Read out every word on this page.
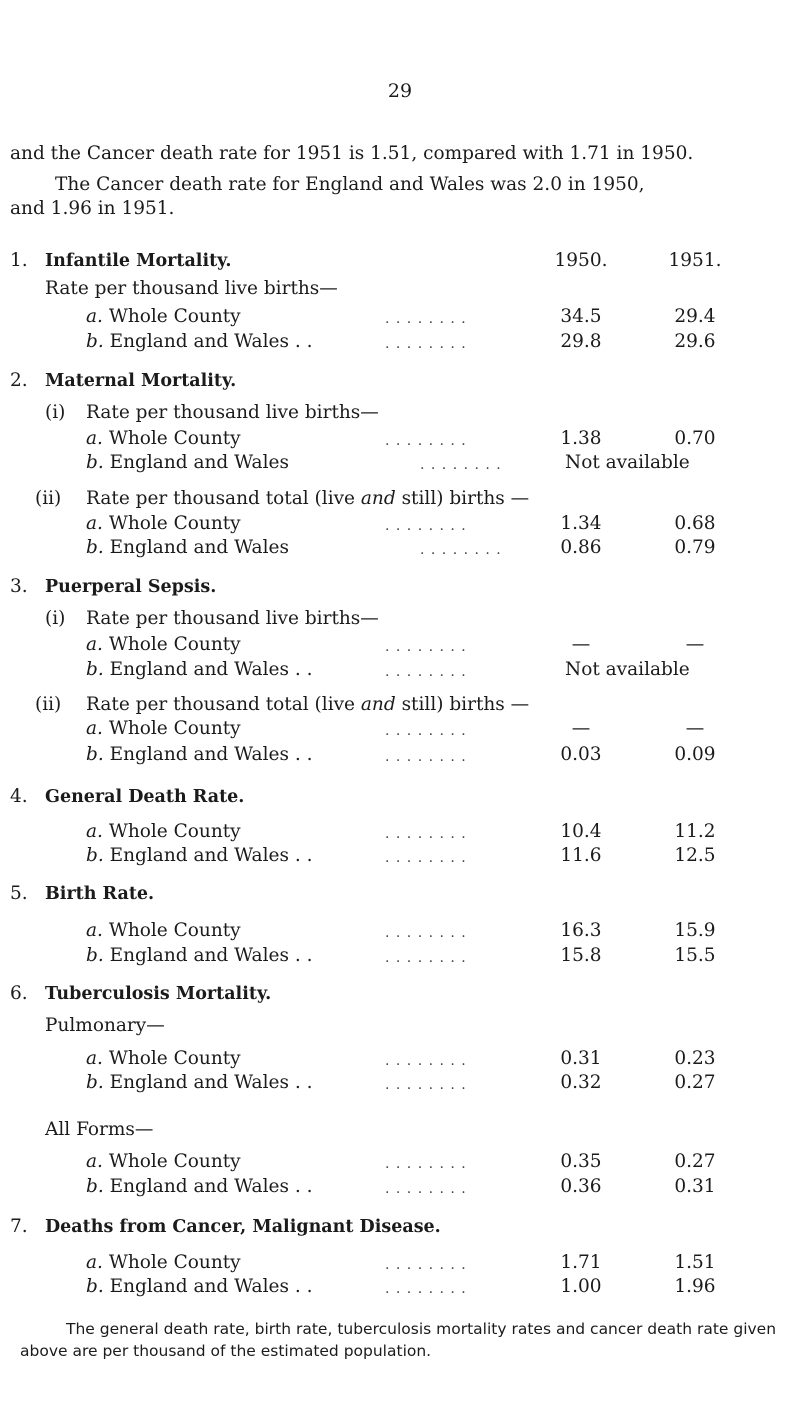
29
and the Cancer death rate for 1951 is 1.51, compared with 1.71 in 1950.
The Cancer death rate for England and Wales was 2.0 in 1950,
and 1.96 in 1951.
1950.	1951.
1. Infantile Mortality.
Rate per thousand live births—
a. Whole County	. . . . . . . .	34.5	29.4
b. England and Wales . .	. . . . . . . .	29.8	29.6
2. Maternal Mortality.
(i) Rate per thousand live births—
a. Whole County	. . . . . . . .	1.38	0.70
b. England and Wales	. . . . . . . .	Not available
(ii) Rate per thousand total (live and still) births —
a. Whole County	. . . . . . . .	1.34	0.68
b. England and Wales	. . . . . . . .	0.86	0.79
3. Puerperal Sepsis.
(i) Rate per thousand live births—
a. Whole County	. . . . . . . .	—	—
b. England and Wales . .	. . . . . . . .	Not available
(ii) Rate per thousand total (live and still) births —
a. Whole County	. . . . . . . .	—	—
b. England and Wales . .	. . . . . . . .	0.03	0.09
4. General Death Rate.
a. Whole County	. . . . . . . .	10.4	11.2
b. England and Wales . .	. . . . . . . .	11.6	12.5
5. Birth Rate.
a. Whole County	. . . . . . . .	16.3	15.9
b. England and Wales . .	. . . . . . . .	15.8	15.5
6. Tuberculosis Mortality.
Pulmonary—
a. Whole County	. . . . . . . .	0.31	0.23
b. England and Wales . .	. . . . . . . .	0.32	0.27
All Forms—
a. Whole County	. . . . . . . .	0.35	0.27
b. England and Wales . .	. . . . . . . .	0.36	0.31
7. Deaths from Cancer, Malignant Disease.
a. Whole County	. . . . . . . .	1.71	1.51
b. England and Wales . .	. . . . . . . .	1.00	1.96
The general death rate, birth rate, tuberculosis mortality rates and cancer death rate given above are per thousand of the estimated population.
